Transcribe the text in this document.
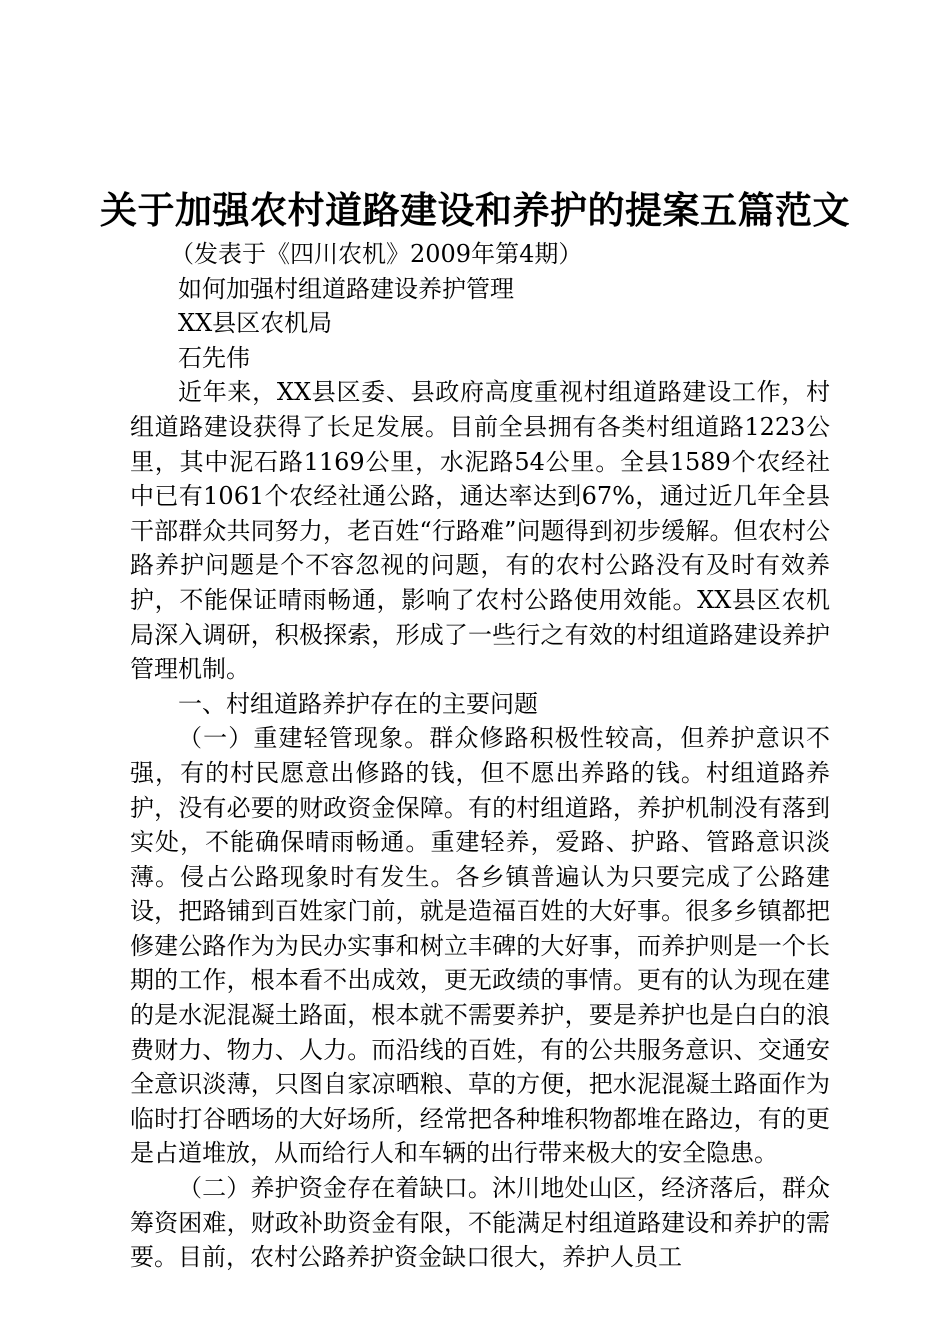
关于加强农村道路建设和养护的提案五篇范文

（发表于《四川农机》2009年第4期）

如何加强村组道路建设养护管理

XX县区农机局

石先伟

近年来，XX县区委、县政府高度重视村组道路建设工作，村组道路建设获得了长足发展。目前全县拥有各类村组道路1223公里，其中泥石路1169公里，水泥路54公里。全县1589个农经社中已有1061个农经社通公路，通达率达到67%，通过近几年全县干部群众共同努力，老百姓“行路难”问题得到初步缓解。但农村公路养护问题是个不容忽视的问题，有的农村公路没有及时有效养护，不能保证晴雨畅通，影响了农村公路使用效能。XX县区农机局深入调研，积极探索，形成了一些行之有效的村组道路建设养护管理机制。

一、村组道路养护存在的主要问题

（一）重建轻管现象。群众修路积极性较高，但养护意识不强，有的村民愿意出修路的钱，但不愿出养路的钱。村组道路养护，没有必要的财政资金保障。有的村组道路，养护机制没有落到实处，不能确保晴雨畅通。重建轻养，爱路、护路、管路意识淡薄。侵占公路现象时有发生。各乡镇普遍认为只要完成了公路建设，把路铺到百姓家门前，就是造福百姓的大好事。很多乡镇都把修建公路作为为民办实事和树立丰碑的大好事，而养护则是一个长期的工作，根本看不出成效，更无政绩的事情。更有的认为现在建的是水泥混凝土路面，根本就不需要养护，要是养护也是白白的浪费财力、物力、人力。而沿线的百姓，有的公共服务意识、交通安全意识淡薄，只图自家凉晒粮、草的方便，把水泥混凝土路面作为临时打谷晒场的大好场所，经常把各种堆积物都堆在路边，有的更是占道堆放，从而给行人和车辆的出行带来极大的安全隐患。

（二）养护资金存在着缺口。沐川地处山区，经济落后，群众筹资困难，财政补助资金有限，不能满足村组道路建设和养护的需要。目前，农村公路养护资金缺口很大，养护人员工
